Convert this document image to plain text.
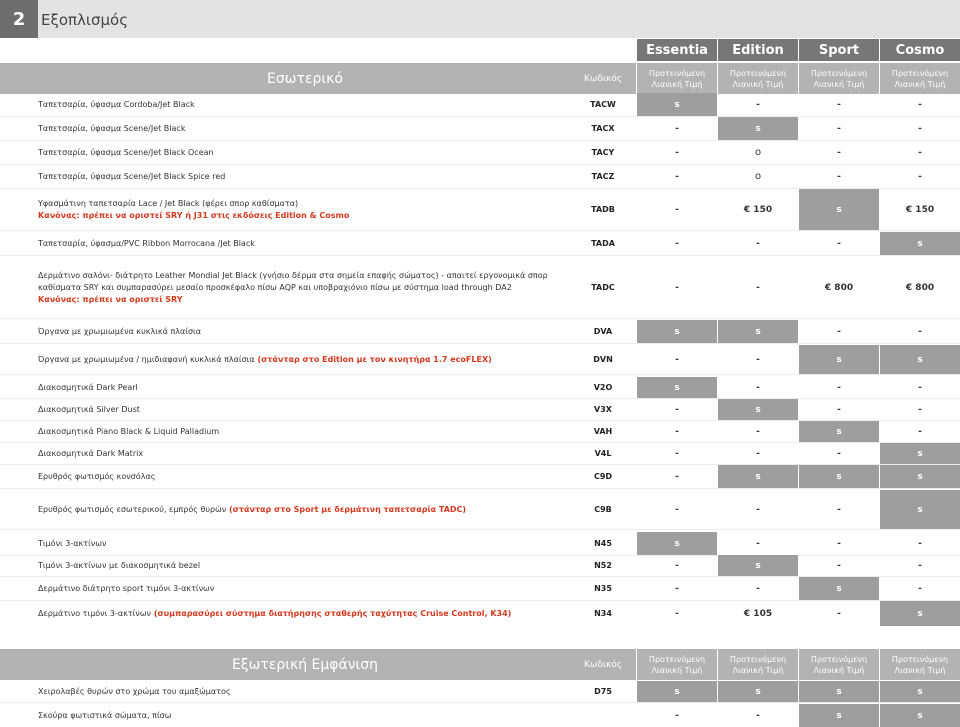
2	Εξοπλισμός
Essentia	Edition	Sport	Cosmo
Εσωτερικό	Κωδικός
Προτεινόμενη
Λιανική Τιμή
Προτεινόμενη
Λιανική Τιμή
Προτεινόμενη
Λιανική Τιμή
Προτεινόμενη
Λιανική Τιμή
Ταπετσαρία, ύφασμα Cordoba/Jet Black	TACW	s	-	-	-
Ταπετσαρία, ύφασμα Scene/Jet Black	TACX	-	s	-	-
Ταπετσαρία, ύφασμα Scene/Jet Black Ocean	TACY	-	o	-	-
Ταπετσαρία, ύφασμα Scene/Jet Black Spice red	TACZ	-	o	-	-
Υφασμάτινη ταπετσαρία Lace / Jet Black (φέρει σπορ καθίσματα)
Κανόνας: πρέπει να οριστεί SRY ή J31 στις εκδόσεις Edition & Cosmo
TADB	-	€ 150	s	€ 150
Ταπετσαρία, ύφασμα/PVC Ribbon Morrocana /Jet Black	TADA	-	-	-	s
Δερμάτινο σαλόνι- διάτρητο Leather Mondial Jet Black (γνήσιο δέρμα στα σημεία επαφής σώματος) - απαιτεί εργονομικά σπορ καθίσματα SRY και συμπαρασύρει μεσαίο προσκέφαλο πίσω AQP και υποβραχιόνιο πίσω με σύστημα load through DA2
Κανόνας: πρέπει να οριστεί SRY
TADC	-	-	€ 800	€ 800
Όργανα με χρωμιωμένα κυκλικά πλαίσια	DVA	s	s	-	-
Όργανα με χρωμιωμένα / ημιδιαφανή κυκλικά πλαίσια (στάνταρ στο Edition με τον κινητήρα 1.7 ecoFLEX)	DVN	-	-	s	s
Διακοσμητικά Dark Pearl	V2O	s	-	-	-
Διακοσμητικά Silver Dust	V3X	-	s	-	-
Διακοσμητικά Piano Black & Liquid Palladium	VAH	-	-	s	-
Διακοσμητικά Dark Matrix	V4L	-	-	-	s
Ερυθρός φωτισμός κονσόλας	C9D	-	s	s	s
Ερυθρός φωτισμός εσωτερικού, εμπρός θυρών (στάνταρ στο Sport με δερμάτινη ταπετσαρία TADC)	C9B	-	-	-	s
Τιμόνι 3-ακτίνων	N45	s	-	-	-
Τιμόνι 3-ακτίνων με διακοσμητικά bezel	N52	-	s	-	-
Δερμάτινο διάτρητο sport τιμόνι 3-ακτίνων	N35	-	-	s	-
Δερμάτινο τιμόνι 3-ακτίνων (συμπαρασύρει σύστημα διατήρησης σταθερής ταχύτητας Cruise Control, K34)	N34	-	€ 105	-	s
Εξωτερική Εμφάνιση	Κωδικός
Προτεινόμενη
Λιανική Τιμή
Προτεινόμενη
Λιανική Τιμή
Προτεινόμενη
Λιανική Τιμή
Προτεινόμενη
Λιανική Τιμή
Χειρολαβές θυρών στο χρώμα του αμαξώματος	D75	s	s	s	s
Σκούρα φωτιστικά σώματα, πίσω	-	-	s	s
